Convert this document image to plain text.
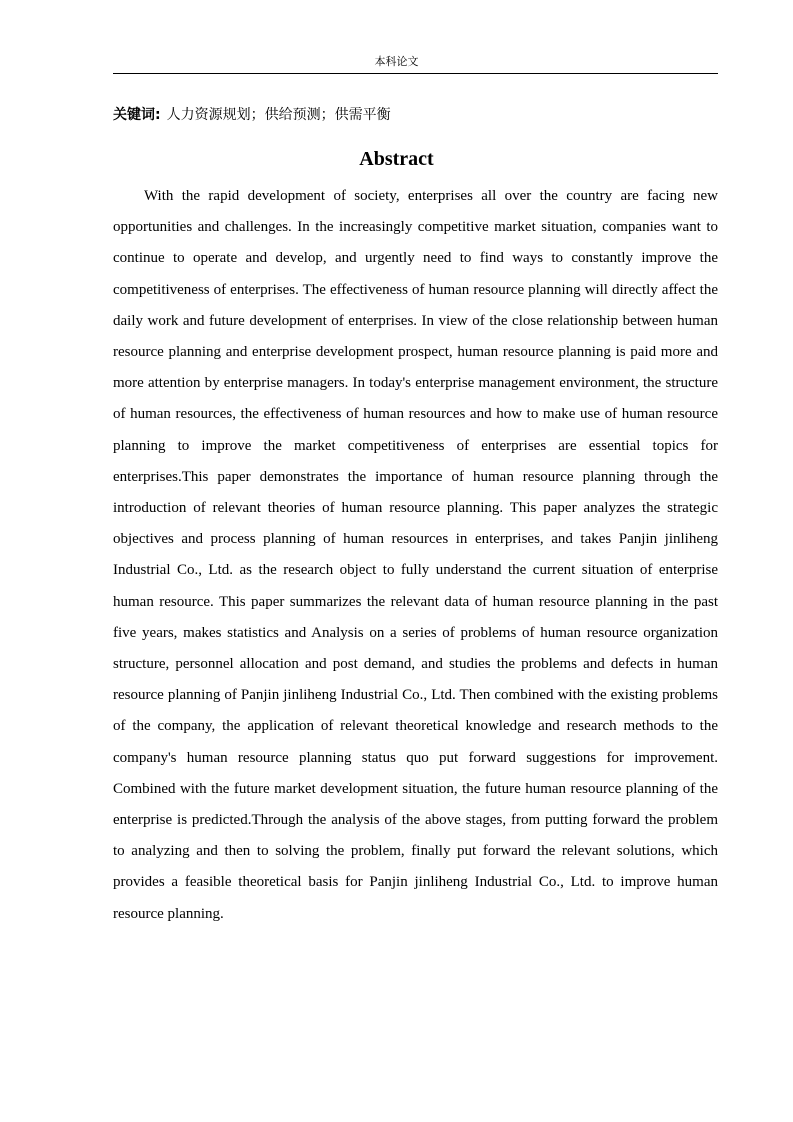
本科论文
关键词: 人力资源规划；供给预测；供需平衡
Abstract

With the rapid development of society, enterprises all over the country are facing new opportunities and challenges. In the increasingly competitive market situation, companies want to continue to operate and develop, and urgently need to find ways to constantly improve the competitiveness of enterprises. The effectiveness of human resource planning will directly affect the daily work and future development of enterprises. In view of the close relationship between human resource planning and enterprise development prospect, human resource planning is paid more and more attention by enterprise managers. In today's enterprise management environment, the structure of human resources, the effectiveness of human resources and how to make use of human resource planning to improve the market competitiveness of enterprises are essential topics for enterprises.This paper demonstrates the importance of human resource planning through the introduction of relevant theories of human resource planning. This paper analyzes the strategic objectives and process planning of human resources in enterprises, and takes Panjin jinliheng Industrial Co., Ltd. as the research object to fully understand the current situation of enterprise human resource. This paper summarizes the relevant data of human resource planning in the past five years, makes statistics and Analysis on a series of problems of human resource organization structure, personnel allocation and post demand, and studies the problems and defects in human resource planning of Panjin jinliheng Industrial Co., Ltd. Then combined with the existing problems of the company, the application of relevant theoretical knowledge and research methods to the company's human resource planning status quo put forward suggestions for improvement. Combined with the future market development situation, the future human resource planning of the enterprise is predicted.Through the analysis of the above stages, from putting forward the problem to analyzing and then to solving the problem, finally put forward the relevant solutions, which provides a feasible theoretical basis for Panjin jinliheng Industrial Co., Ltd. to improve human resource planning.
